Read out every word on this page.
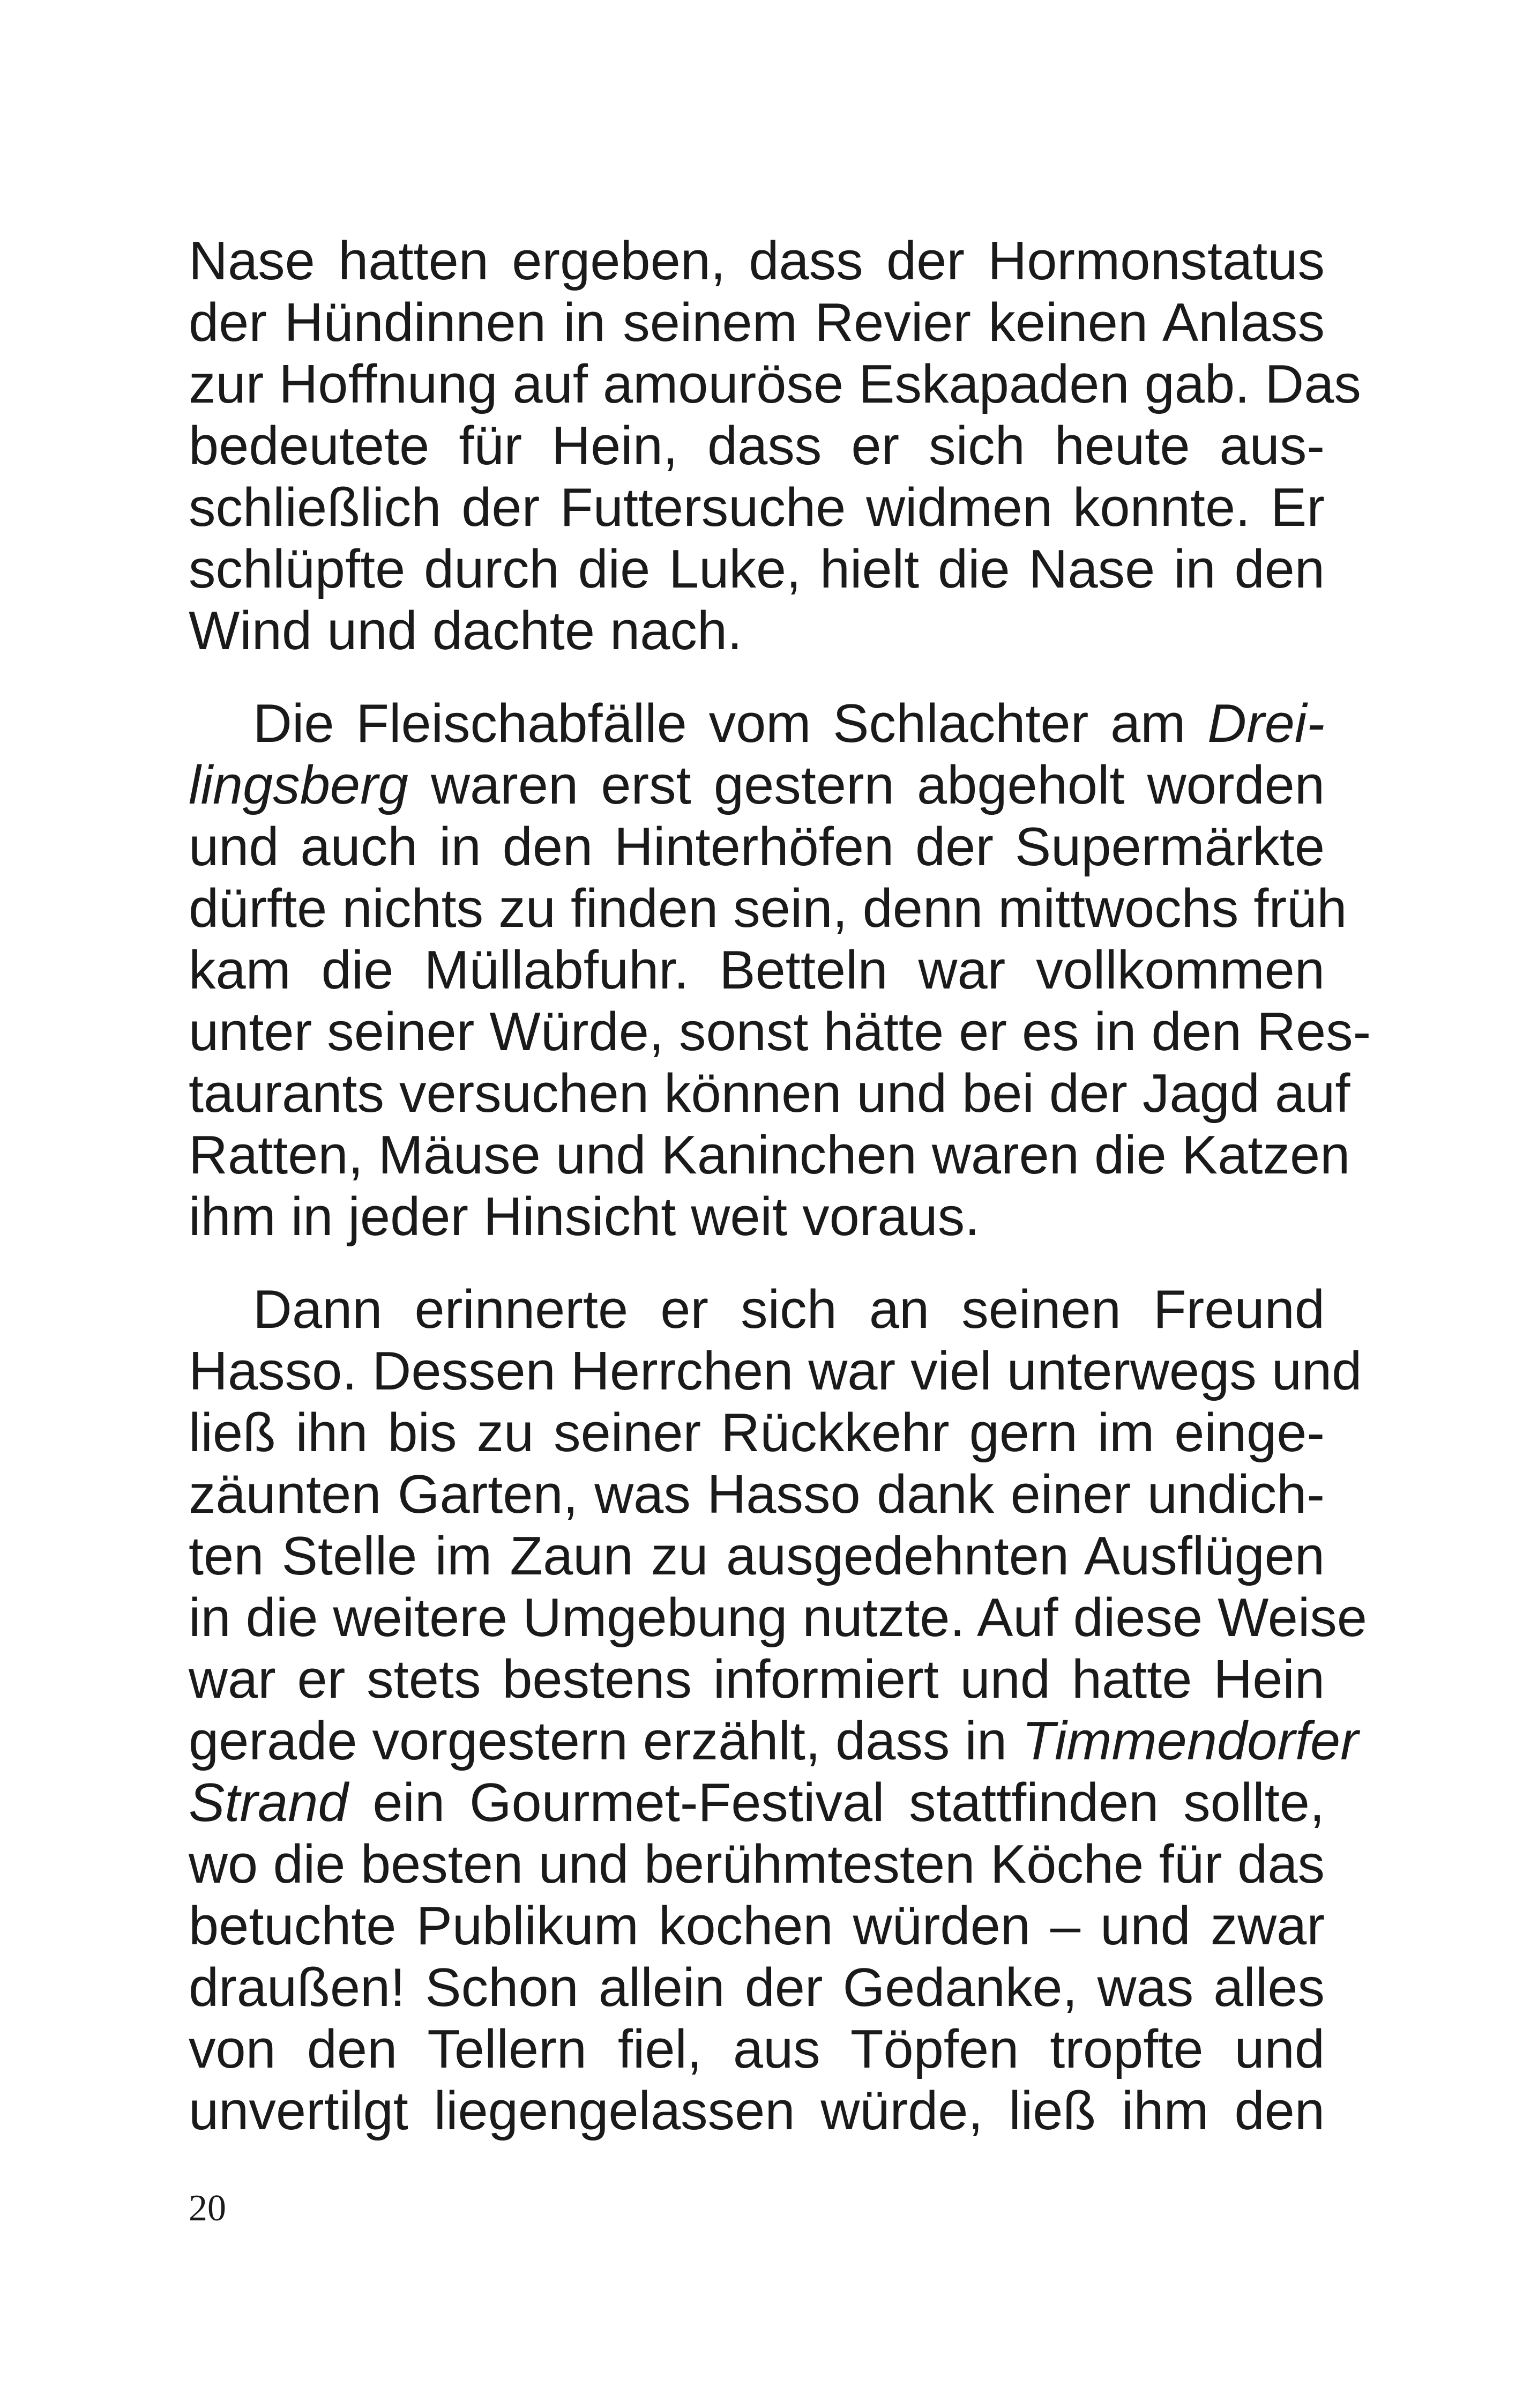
Nase hatten ergeben, dass der Hormonstatus
der Hündinnen in seinem Revier keinen Anlass
zur Hoffnung auf amouröse Eskapaden gab. Das
bedeutete für Hein, dass er sich heute aus-
schließlich der Futtersuche widmen konnte. Er
schlüpfte durch die Luke, hielt die Nase in den
Wind und dachte nach.
Die Fleischabfälle vom Schlachter am Drei-
lingsberg waren erst gestern abgeholt worden
und auch in den Hinterhöfen der Supermärkte
dürfte nichts zu finden sein, denn mittwochs früh
kam die Müllabfuhr. Betteln war vollkommen
unter seiner Würde, sonst hätte er es in den Res-
taurants versuchen können und bei der Jagd auf
Ratten, Mäuse und Kaninchen waren die Katzen
ihm in jeder Hinsicht weit voraus.
Dann erinnerte er sich an seinen Freund
Hasso. Dessen Herrchen war viel unterwegs und
ließ ihn bis zu seiner Rückkehr gern im einge-
zäunten Garten, was Hasso dank einer undich-
ten Stelle im Zaun zu ausgedehnten Ausflügen
in die weitere Umgebung nutzte. Auf diese Weise
war er stets bestens informiert und hatte Hein
gerade vorgestern erzählt, dass in Timmendorfer
Strand ein Gourmet-Festival stattfinden sollte,
wo die besten und berühmtesten Köche für das
betuchte Publikum kochen würden – und zwar
draußen! Schon allein der Gedanke, was alles
von den Tellern fiel, aus Töpfen tropfte und
unvertilgt liegengelassen würde, ließ ihm den
20
